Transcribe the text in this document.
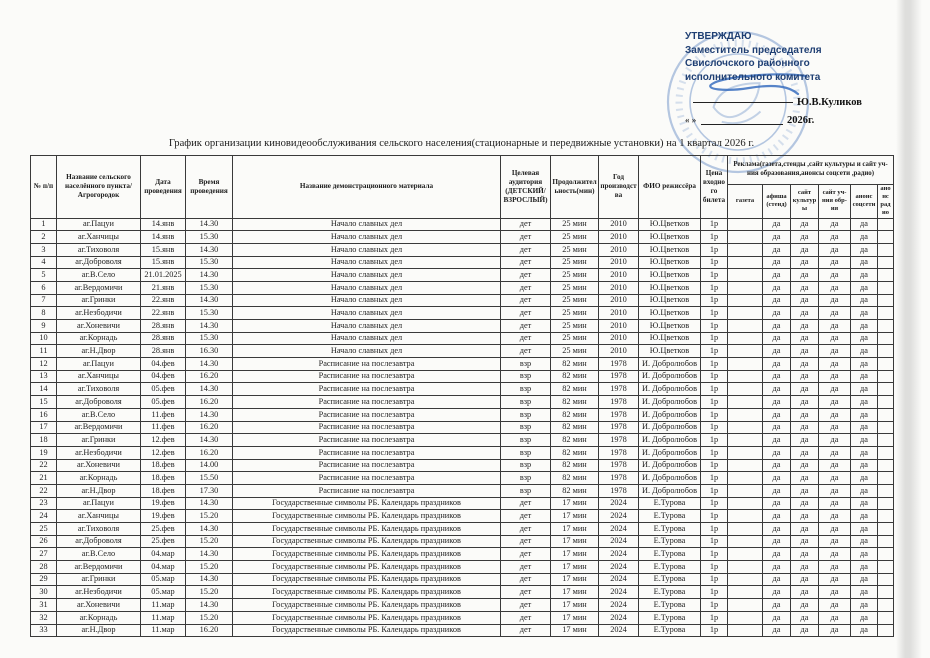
УТВЕРЖДАЮ
Заместитель председателя
Свислочского районного
исполнительного комитета
Ю.В.Куликов
« »	2026г.
График организации киновидеообслуживания сельского населения(стационарные и передвижные установки) на 1 квартал 2026 г.
№ п/п	Название сельского населённого пункта/Агрогородок	Дата проведения	Время проведения	Название демонстрационного материала	Целевая аудитория (ДЕТСКИЙ/ВЗРОСЛЫЙ)	Продолжительность(мин)	Год производства	ФИО режиссёра	Цена входного билета	Реклама(газета,стенды ,сайт культуры и сайт уч-ния образования,анонсы соцсети ,радио)					
										газета	афиша (стенд)	сайт культуры	сайт уч-ния обр-ия	анонс соцсети	анонс радио
1	аг.Пацуи	14.янв	14.30	Начало славных дел	дет	25 мин	2010	Ю.Цветков	1р		да	да	да	да	
2	аг.Ханчицы	14.янв	15.30	Начало славных дел	дет	25 мин	2010	Ю.Цветков	1р		да	да	да	да	
3	аг.Тиховоля	15.янв	14.30	Начало славных дел	дет	25 мин	2010	Ю.Цветков	1р		да	да	да	да	
4	аг.Доброволя	15.янв	15.30	Начало славных дел	дет	25 мин	2010	Ю.Цветков	1р		да	да	да	да	
5	аг.В.Село	21.01.2025	14.30	Начало славных дел	дет	25 мин	2010	Ю.Цветков	1р		да	да	да	да	
6	аг.Вердомичи	21.янв	15.30	Начало славных дел	дет	25 мин	2010	Ю.Цветков	1р		да	да	да	да	
7	аг.Гринки	22.янв	14.30	Начало славных дел	дет	25 мин	2010	Ю.Цветков	1р		да	да	да	да	
8	аг.Незбодичи	22.янв	15.30	Начало славных дел	дет	25 мин	2010	Ю.Цветков	1р		да	да	да	да	
9	аг.Хоневичи	28.янв	14.30	Начало славных дел	дет	25 мин	2010	Ю.Цветков	1р		да	да	да	да	
10	аг.Корнадь	28.янв	15.30	Начало славных дел	дет	25 мин	2010	Ю.Цветков	1р		да	да	да	да	
11	аг.Н.Двор	28.янв	16.30	Начало славных дел	дет	25 мин	2010	Ю.Цветков	1р		да	да	да	да	
12	аг.Пацуи	04.фев	14.30	Расписание на послезавтра	взр	82 мин	1978	И. Добролюбов	1р		да	да	да	да	
13	аг.Ханчицы	04.фев	16.20	Расписание на послезавтра	взр	82 мин	1978	И. Добролюбов	1р		да	да	да	да	
14	аг.Тиховоля	05.фев	14.30	Расписание на послезавтра	взр	82 мин	1978	И. Добролюбов	1р		да	да	да	да	
15	аг.Доброволя	05.фев	16.20	Расписание на послезавтра	взр	82 мин	1978	И. Добролюбов	1р		да	да	да	да	
16	аг.В.Село	11.фев	14.30	Расписание на послезавтра	взр	82 мин	1978	И. Добролюбов	1р		да	да	да	да	
17	аг.Вердомичи	11.фев	16.20	Расписание на послезавтра	взр	82 мин	1978	И. Добролюбов	1р		да	да	да	да	
18	аг.Гринки	12.фев	14.30	Расписание на послезавтра	взр	82 мин	1978	И. Добролюбов	1р		да	да	да	да	
19	аг.Незбодичи	12.фев	16.20	Расписание на послезавтра	взр	82 мин	1978	И. Добролюбов	1р		да	да	да	да	
22	аг.Хоневичи	18.фев	14.00	Расписание на послезавтра	взр	82 мин	1978	И. Добролюбов	1р		да	да	да	да	
21	аг.Корнадь	18.фев	15.50	Расписание на послезавтра	взр	82 мин	1978	И. Добролюбов	1р		да	да	да	да	
22	аг.Н.Двор	18.фев	17.30	Расписание на послезавтра	взр	82 мин	1978	И. Добролюбов	1р		да	да	да	да	
23	аг.Пацуи	19.фев	14.30	Государственные символы РБ. Календарь праздников	дет	17 мин	2024	Е.Турова	1р		да	да	да	да	
24	аг.Ханчицы	19.фев	15.20	Государственные символы РБ. Календарь праздников	дет	17 мин	2024	Е.Турова	1р		да	да	да	да	
25	аг.Тиховоля	25.фев	14.30	Государственные символы РБ. Календарь праздников	дет	17 мин	2024	Е.Турова	1р		да	да	да	да	
26	аг.Доброволя	25.фев	15.20	Государственные символы РБ. Календарь праздников	дет	17 мин	2024	Е.Турова	1р		да	да	да	да	
27	аг.В.Село	04.мар	14.30	Государственные символы РБ. Календарь праздников	дет	17 мин	2024	Е.Турова	1р		да	да	да	да	
28	аг.Вердомичи	04.мар	15.20	Государственные символы РБ. Календарь праздников	дет	17 мин	2024	Е.Турова	1р		да	да	да	да	
29	аг.Гринки	05.мар	14.30	Государственные символы РБ. Календарь праздников	дет	17 мин	2024	Е.Турова	1р		да	да	да	да	
30	аг.Незбодичи	05.мар	15.20	Государственные символы РБ. Календарь праздников	дет	17 мин	2024	Е.Турова	1р		да	да	да	да	
31	аг.Хоневичи	11.мар	14.30	Государственные символы РБ. Календарь праздников	дет	17 мин	2024	Е.Турова	1р		да	да	да	да	
32	аг.Корнадь	11.мар	15.20	Государственные символы РБ. Календарь праздников	дет	17 мин	2024	Е.Турова	1р		да	да	да	да	
33	аг.Н.Двор	11.мар	16.20	Государственные символы РБ. Календарь праздников	дет	17 мин	2024	Е.Турова	1р		да	да	да	да	
